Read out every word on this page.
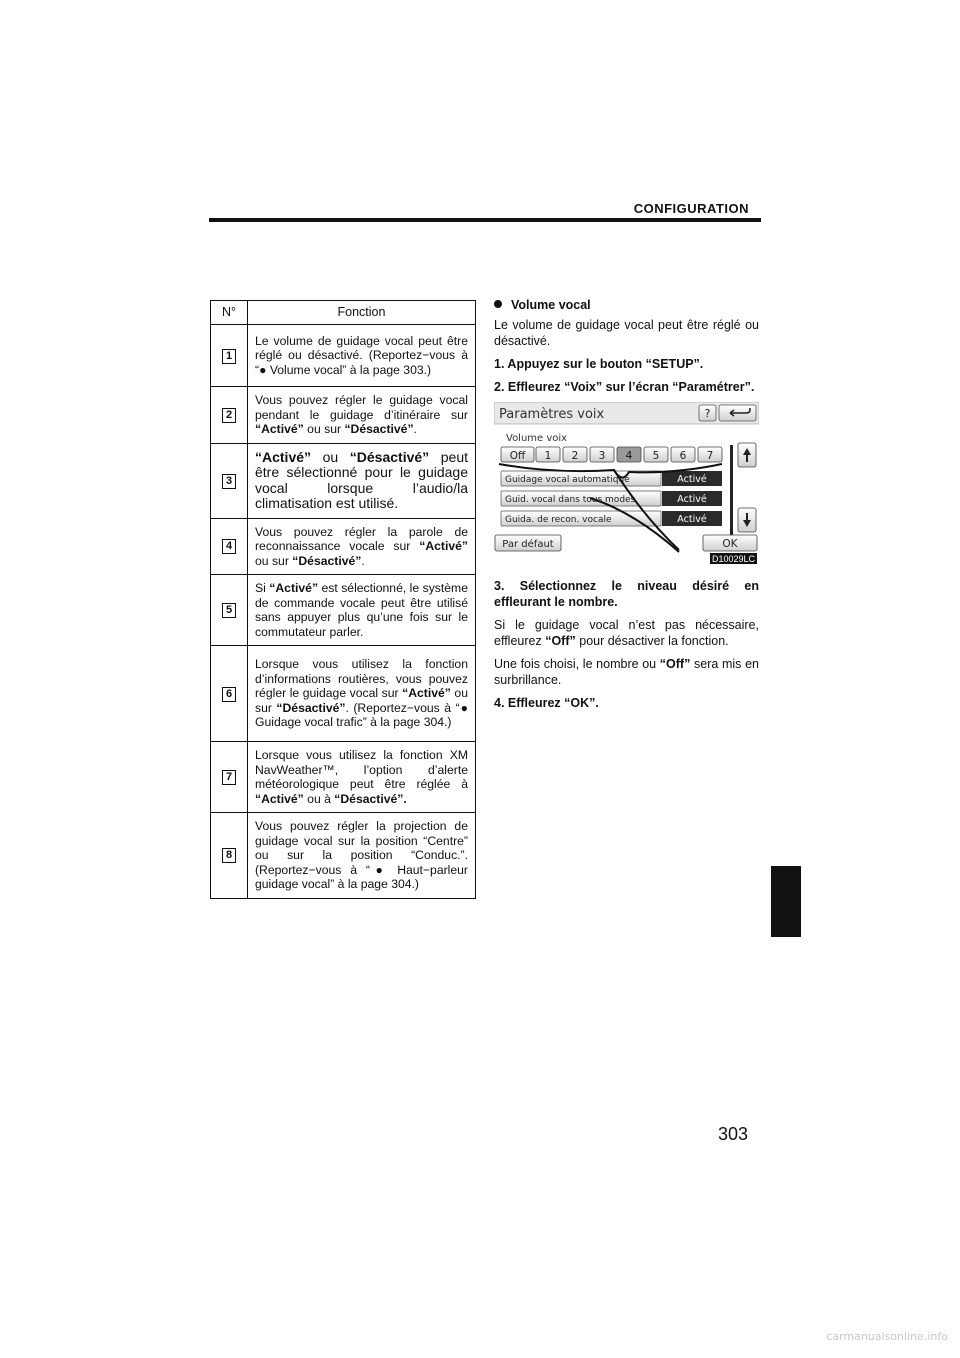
CONFIGURATION
N°	Fonction
1	Le volume de guidage vocal peut être réglé ou désactivé. (Reportez−vous à “● Volume vocal” à la page 303.)
2	Vous pouvez régler le guidage vocal pendant le guidage d’itinéraire sur “Activé” ou sur “Désactivé”.
3	“Activé” ou “Désactivé” peut être sélectionné pour le guidage vocal lorsque l’audio/la climatisation est utilisé.
4	Vous pouvez régler la parole de reconnaissance vocale sur “Activé” ou sur “Désactivé”.
5	Si “Activé” est sélectionné, le système de commande vocale peut être utilisé sans appuyer plus qu’une fois sur le commutateur parler.
6	Lorsque vous utilisez la fonction d’informations routières, vous pouvez régler le guidage vocal sur “Activé” ou sur “Désactivé”. (Reportez−vous à “● Guidage vocal trafic” à la page 304.)
7	Lorsque vous utilisez la fonction XM NavWeather™, l’option d’alerte météorologique peut être réglée à “Activé” ou à “Désactivé”.
8	Vous pouvez régler la projection de guidage vocal sur la position “Centre” ou sur la position “Conduc.”. (Reportez−vous à “● Haut−parleur guidage vocal” à la page 304.)

Volume vocal

Le volume de guidage vocal peut être réglé ou désactivé.

1. Appuyez sur le bouton “SETUP”.

2. Effleurez “Voix” sur l’écran “Paramétrer”.

Paramètres voix	?
Volume voix
Off 1 2 3 4 5 6 7
Guidage vocal automatique	Activé
Guid. vocal dans tous modes	Activé
Guida. de recon. vocale	Activé
Par défaut	OK
D10029LC

3. Sélectionnez le niveau désiré en effleurant le nombre.

Si le guidage vocal n’est pas nécessaire, effleurez “Off” pour désactiver la fonction.

Une fois choisi, le nombre ou “Off” sera mis en surbrillance.

4. Effleurez “OK”.

303
carmanualsonline.info
